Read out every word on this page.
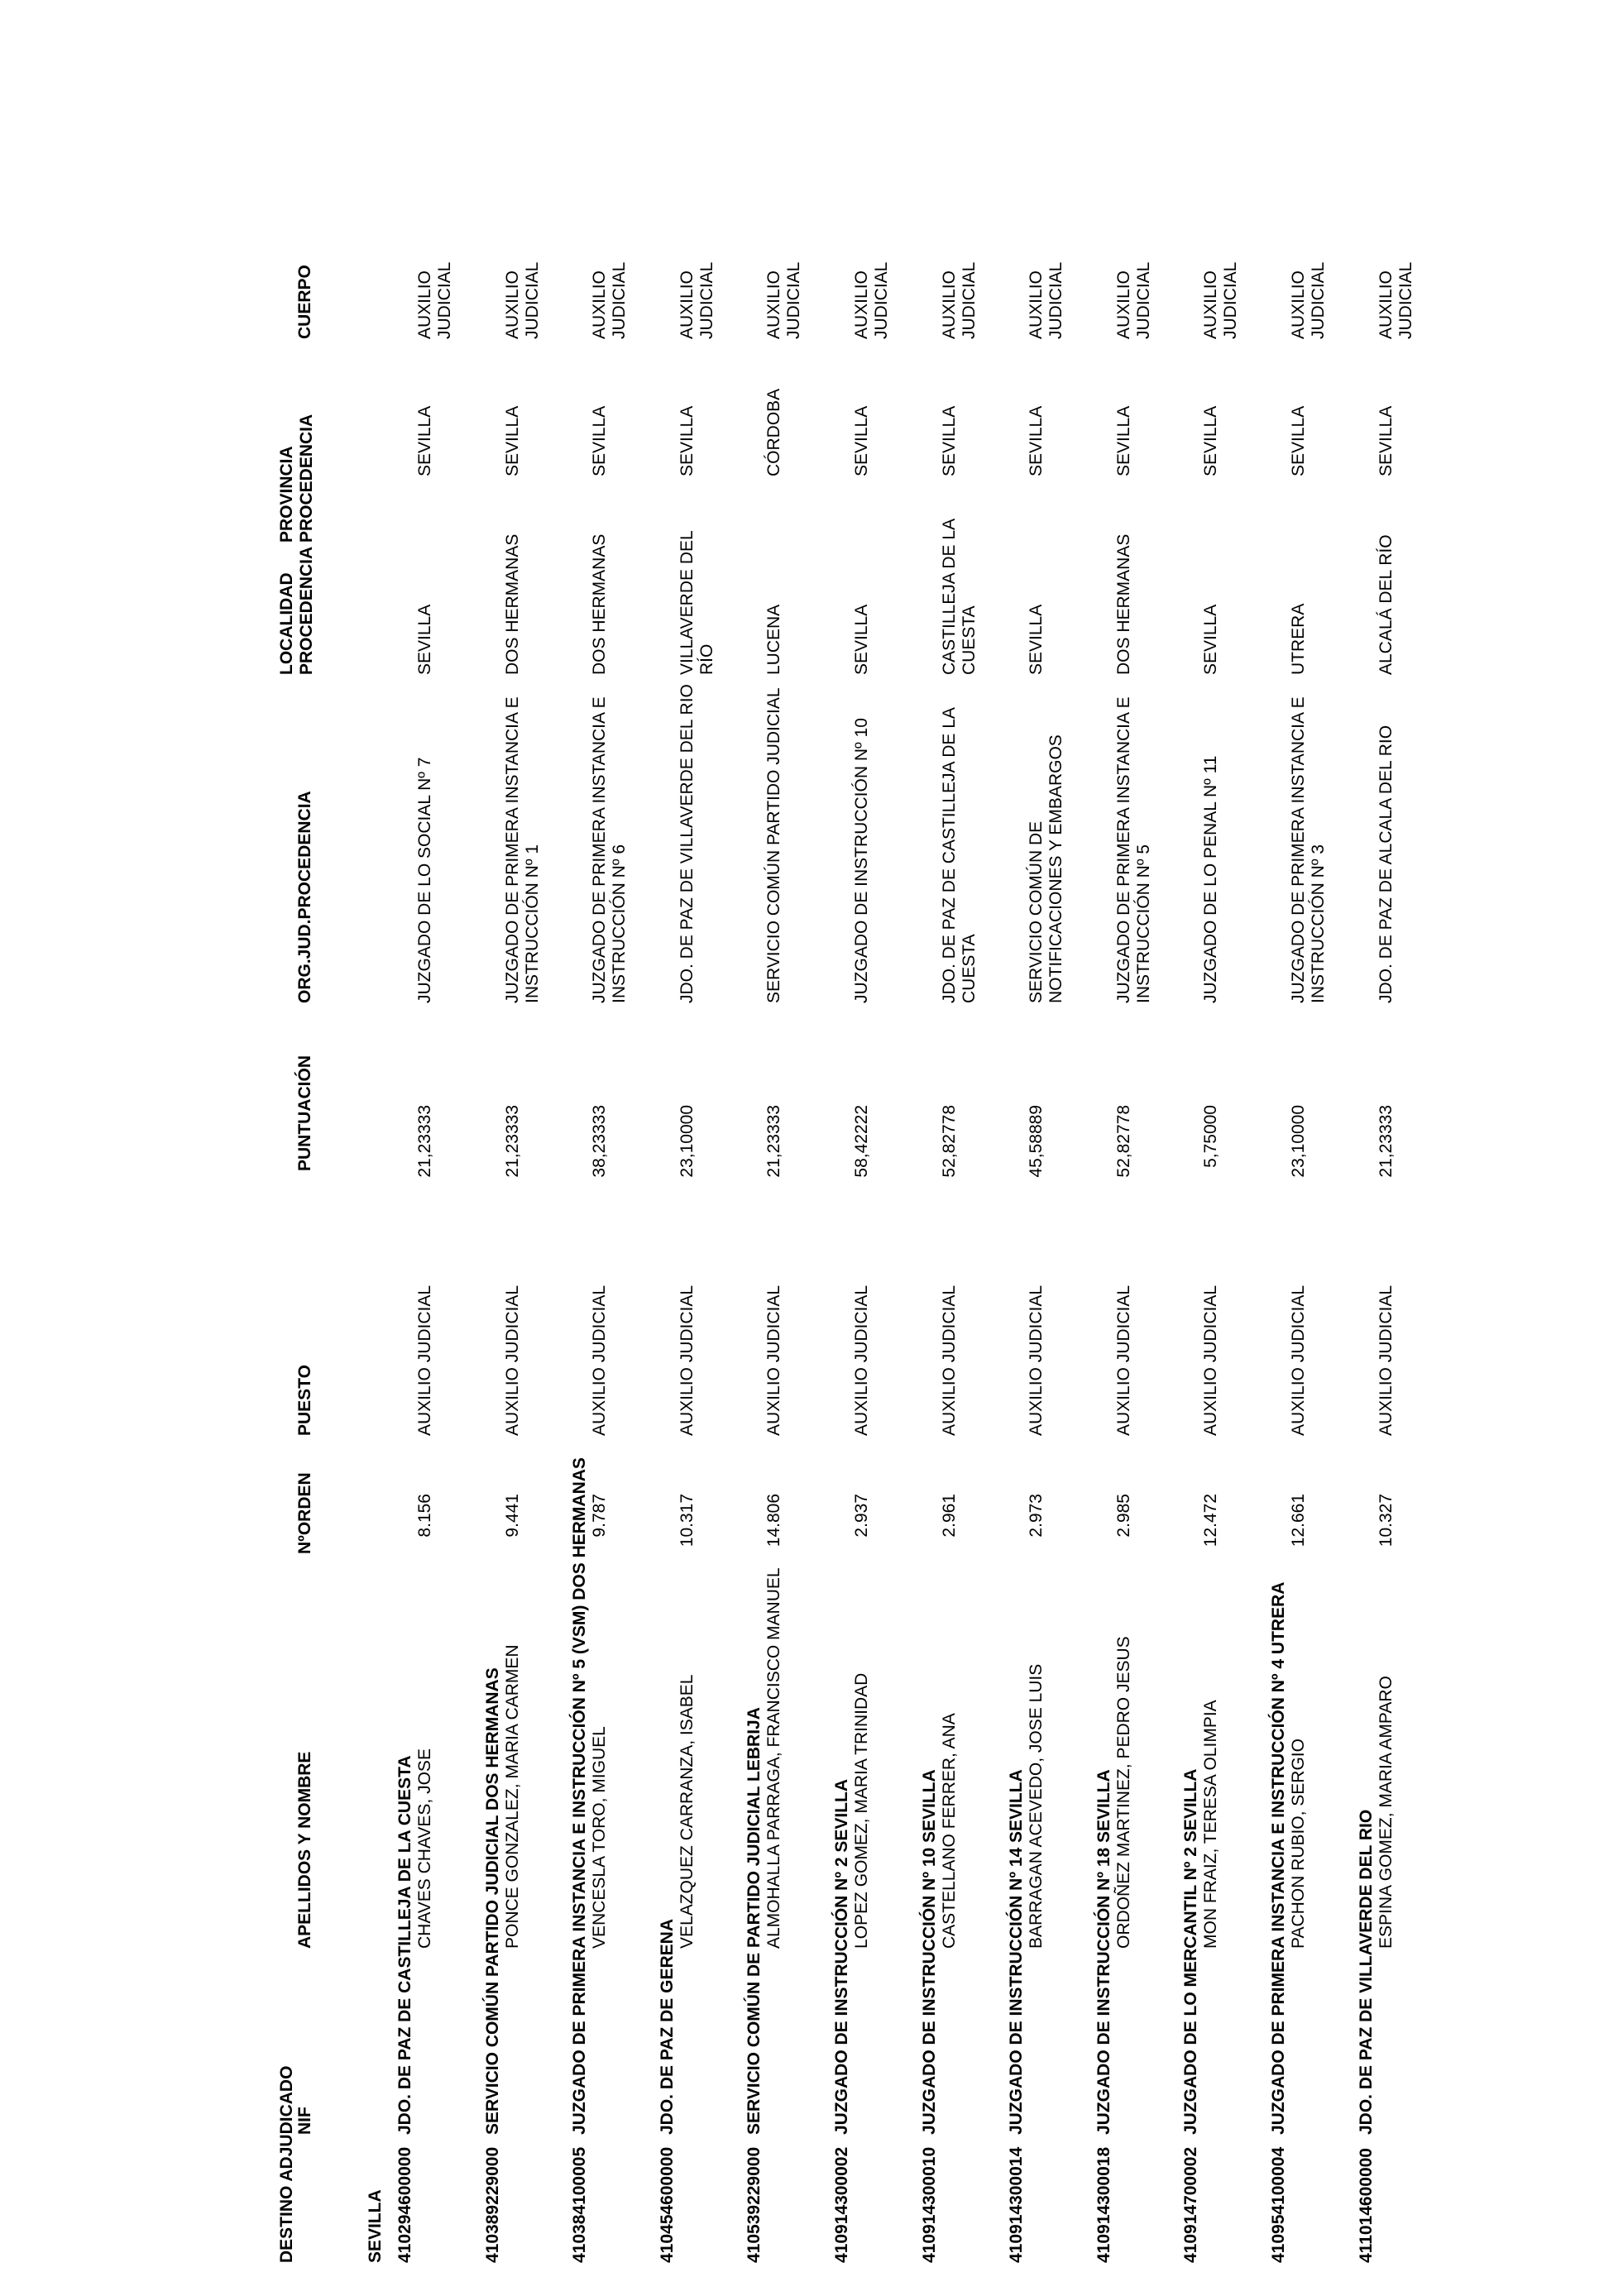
DESTINO ADJUDICADO NIF
APELLIDOS Y NOMBRE
NºORDEN
PUESTO
PUNTUACIÓN
ORG.JUD.PROCEDENCIA
LOCALIDAD PROCEDENCIA
PROVINCIA PROCEDENCIA
CUERPO
SEVILLA 410294600000
JDO. DE PAZ DE CASTILLEJA DE LA CUESTA CHAVES CHAVES, JOSE
8.156
AUXILIO JUDICIAL
21,23333
JUZGADO DE LO SOCIAL Nº 7
SEVILLA
SEVILLA
AUXILIO JUDICIAL
410389229000
SERVICIO COMÚN PARTIDO JUDICIAL DOS HERMANAS PONCE GONZALEZ, MARIA CARMEN
9.441
AUXILIO JUDICIAL
21,23333
JUZGADO DE PRIMERA INSTANCIA E INSTRUCCIÓN Nº 1
DOS HERMANAS
SEVILLA
AUXILIO JUDICIAL
410384100005
JUZGADO DE PRIMERA INSTANCIA E INSTRUCCIÓN Nº 5 (VSM) DOS HERMANAS VENCESLA TORO, MIGUEL
9.787
AUXILIO JUDICIAL
38,23333
JUZGADO DE PRIMERA INSTANCIA E INSTRUCCIÓN Nº 6
DOS HERMANAS
SEVILLA
AUXILIO JUDICIAL
410454600000
JDO. DE PAZ DE GERENA
VELAZQUEZ CARRANZA, ISABEL
10.317
AUXILIO JUDICIAL
23,10000
JDO. DE PAZ DE VILLAVERDE DEL RIO
VILLAVERDE DEL RÍO
SEVILLA
AUXILIO JUDICIAL
410539229000
SERVICIO COMÚN DE PARTIDO JUDICIAL LEBRIJA ALMOHALLA PARRAGA, FRANCISCO MANUEL
14.806
AUXILIO JUDICIAL
21,23333
SERVICIO COMÚN PARTIDO JUDICIAL
LUCENA
CÓRDOBA
AUXILIO JUDICIAL
410914300002
JUZGADO DE INSTRUCCIÓN Nº 2 SEVILLA LOPEZ GOMEZ, MARIA TRINIDAD
2.937
AUXILIO JUDICIAL
58,42222
JUZGADO DE INSTRUCCIÓN Nº 10
SEVILLA
SEVILLA
AUXILIO JUDICIAL
410914300010
JUZGADO DE INSTRUCCIÓN Nº 10 SEVILLA CASTELLANO FERRER, ANA
2.961
AUXILIO JUDICIAL
52,82778
JDO. DE PAZ DE CASTILLEJA DE LA CUESTA
CASTILLEJA DE LA CUESTA
SEVILLA
AUXILIO JUDICIAL
410914300014
JUZGADO DE INSTRUCCIÓN Nº 14 SEVILLA BARRAGAN ACEVEDO, JOSE LUIS
2.973
AUXILIO JUDICIAL
45,58889
SERVICIO COMÚN DE NOTIFICACIONES Y EMBARGOS
SEVILLA
SEVILLA
AUXILIO JUDICIAL
410914300018
JUZGADO DE INSTRUCCIÓN Nº 18 SEVILLA ORDOÑEZ MARTINEZ, PEDRO JESUS
2.985
AUXILIO JUDICIAL
52,82778
JUZGADO DE PRIMERA INSTANCIA E INSTRUCCIÓN Nº 5
DOS HERMANAS
SEVILLA
AUXILIO JUDICIAL
410914700002
JUZGADO DE LO MERCANTIL Nº 2 SEVILLA MON FRAIZ, TERESA OLIMPIA
12.472
AUXILIO JUDICIAL
5,75000
JUZGADO DE LO PENAL Nº 11
SEVILLA
SEVILLA
AUXILIO JUDICIAL
410954100004
JUZGADO DE PRIMERA INSTANCIA E INSTRUCCIÓN Nº 4 UTRERA PACHON RUBIO, SERGIO
12.661
AUXILIO JUDICIAL
23,10000
JUZGADO DE PRIMERA INSTANCIA E INSTRUCCIÓN Nº 3
UTRERA
SEVILLA
AUXILIO JUDICIAL
411014600000
JDO. DE PAZ DE VILLAVERDE DEL RIO ESPINA GOMEZ, MARIA AMPARO
10.327
AUXILIO JUDICIAL
21,23333
JDO. DE PAZ DE ALCALA DEL RIO
ALCALÁ DEL RÍO
SEVILLA
AUXILIO JUDICIAL
